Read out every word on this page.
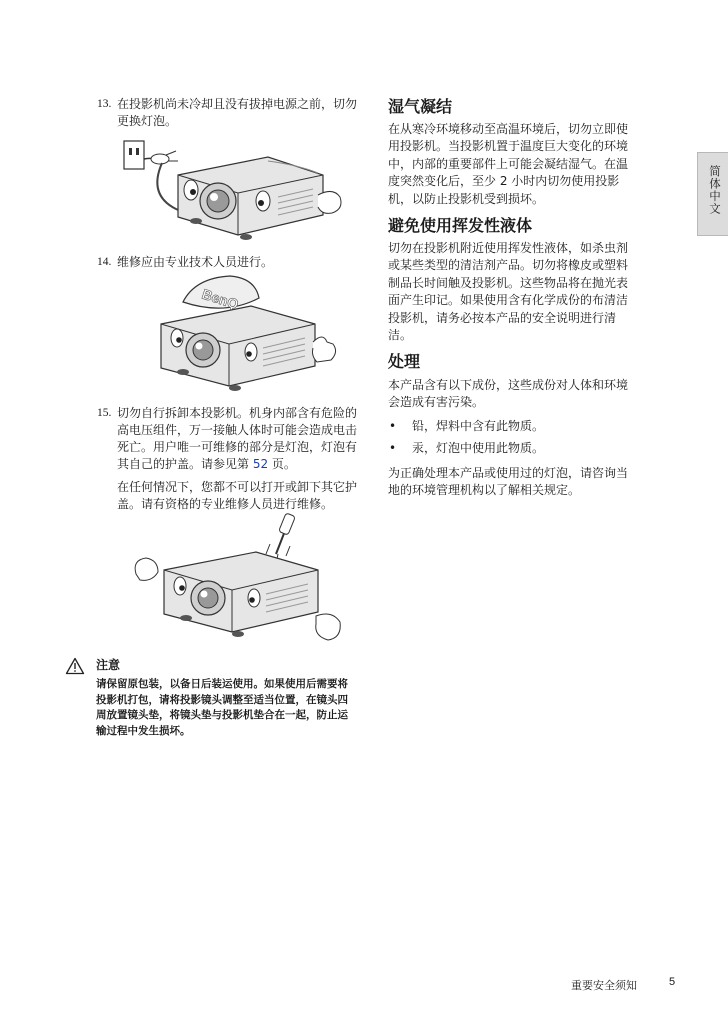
13. 在投影机尚未冷却且没有拔掉电源之前，切勿
更换灯泡。
14. 维修应由专业技术人员进行。
BenQ
15. 切勿自行拆卸本投影机。机身内部含有危险的
高电压组件，万一接触人体时可能会造成电击
死亡。用户唯一可维修的部分是灯泡，灯泡有
其自己的护盖。请参见第 52 页。
在任何情况下，您都不可以打开或卸下其它护
盖。请有资格的专业维修人员进行维修。
注意
请保留原包装，以备日后装运使用。如果使用后需要将
投影机打包，请将投影镜头调整至适当位置，在镜头四
周放置镜头垫，将镜头垫与投影机垫合在一起，防止运
输过程中发生损坏。
湿气凝结
在从寒冷环境移动至高温环境后，切勿立即使
用投影机。当投影机置于温度巨大变化的环境
中，内部的重要部件上可能会凝结湿气。在温
度突然变化后，至少 2 小时内切勿使用投影
机，以防止投影机受到损坏。
避免使用挥发性液体
切勿在投影机附近使用挥发性液体，如杀虫剂
或某些类型的清洁剂产品。切勿将橡皮或塑料
制品长时间触及投影机。这些物品将在抛光表
面产生印记。如果使用含有化学成份的布清洁
投影机，请务必按本产品的安全说明进行清
洁。
处理
本产品含有以下成份，这些成份对人体和环境
会造成有害污染。
• 铅，焊料中含有此物质。
• 汞，灯泡中使用此物质。
为正确处理本产品或使用过的灯泡，请咨询当
地的环境管理机构以了解相关规定。
简体中文
重要安全须知	5
